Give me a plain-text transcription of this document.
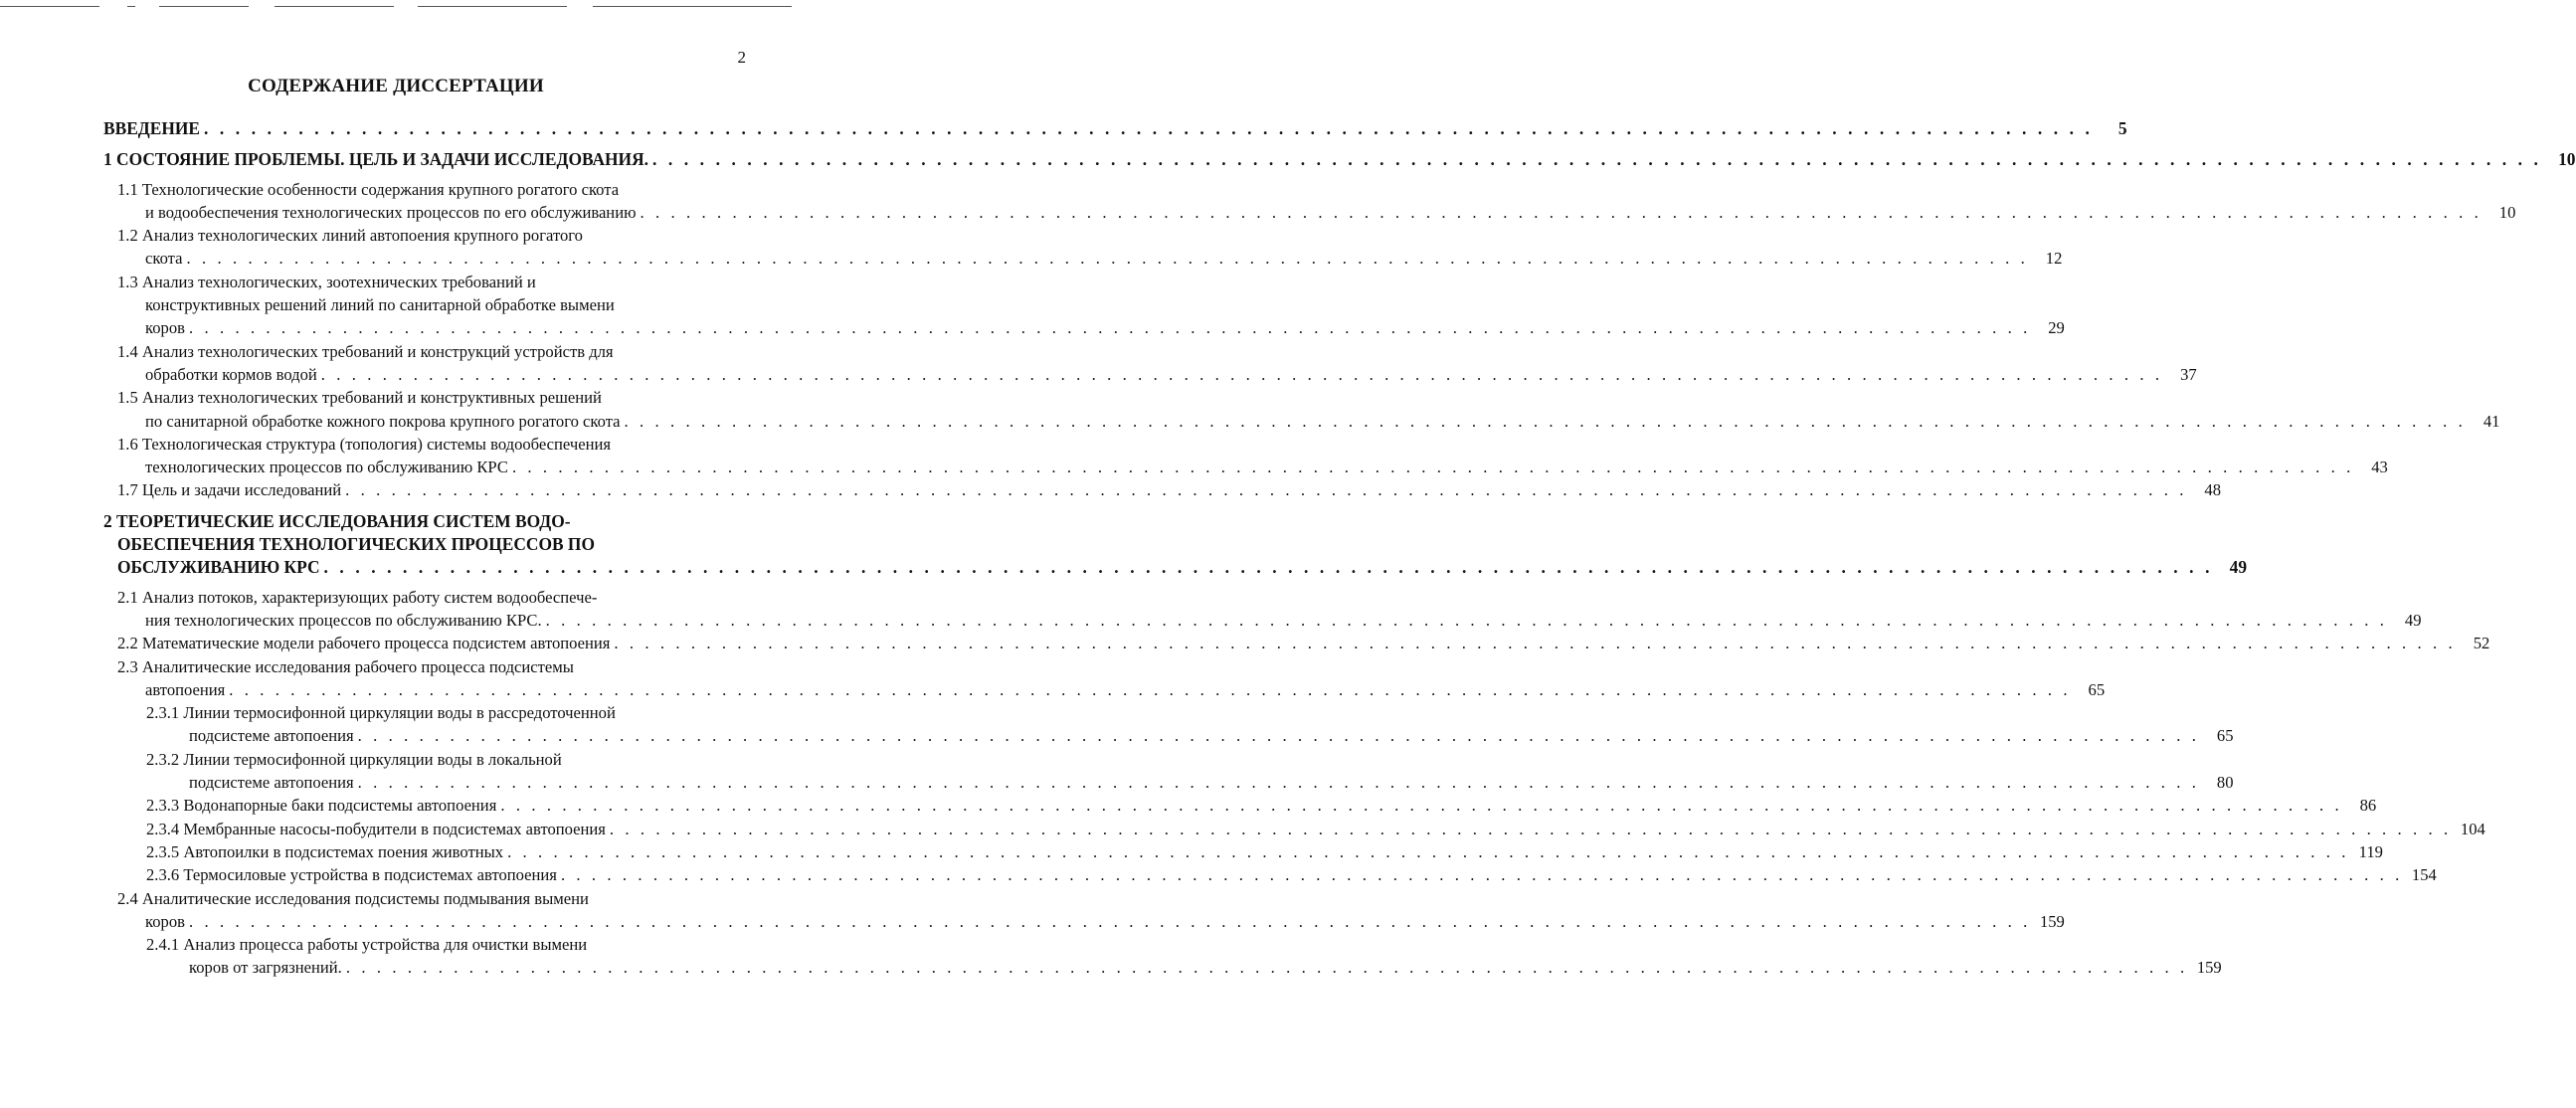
2
СОДЕРЖАНИЕ ДИССЕРТАЦИИ
ВВЕДЕНИЕ . . . . . . . . . . . . . . . . . . . . . . . . . . . . . . . . . . . . . . . . . . . . . . . . . . . . . . . . . . . . . . . . . . . . . . . . . . . . . . . . . . . . . . . . . . . . . . . . . . . . . . . . . . . . . . . . . . . . . . . .	5
1 СОСТОЯНИЕ ПРОБЛЕМЫ. ЦЕЛЬ И ЗАДАЧИ ИССЛЕДОВАНИЯ. . . . . . . . . . . . . . . . . . . . . . . . . . . . . . . . . . . . . . . . . . . . . . . . . . . . . . . . . . . . . . . . . . . . . . . . . . . . . . . . . . . . . . . . . . . . . . . . . . . . . . . . . . . . . . . . . . . . . . . . . 10
1.1 Технологические особенности содержания крупного рогатого скота
и водообеспечения технологических процессов по его обслуживанию . . . . . . . . . . . . . . . . . . . . . . . . . . . . . . . . . . . . . . . . . . . . . . . . . . . . . . . . . . . . . . . . . . . . . . . . . . . . . . . . . . . . . . . . . . . . . . . . . . . . . . . . . . . . . . . . . . . . . . . .	10
1.2 Анализ технологических линий автопоения крупного рогатого
скота . . . . . . . . . . . . . . . . . . . . . . . . . . . . . . . . . . . . . . . . . . . . . . . . . . . . . . . . . . . . . . . . . . . . . . . . . . . . . . . . . . . . . . . . . . . . . . . . . . . . . . . . . . . . . . . . . . . . . . . .	12
1.3 Анализ технологических, зоотехнических требований и
конструктивных решений линий по санитарной обработке вымени
коров . . . . . . . . . . . . . . . . . . . . . . . . . . . . . . . . . . . . . . . . . . . . . . . . . . . . . . . . . . . . . . . . . . . . . . . . . . . . . . . . . . . . . . . . . . . . . . . . . . . . . . . . . . . . . . . . . . . . . . . .	29
1.4 Анализ технологических требований и конструкций устройств для
обработки кормов водой . . . . . . . . . . . . . . . . . . . . . . . . . . . . . . . . . . . . . . . . . . . . . . . . . . . . . . . . . . . . . . . . . . . . . . . . . . . . . . . . . . . . . . . . . . . . . . . . . . . . . . . . . . . . . . . . . . . . . . . .	37
1.5 Анализ технологических требований и конструктивных решений
по санитарной обработке кожного покрова крупного рогатого скота . . . . . . . . . . . . . . . . . . . . . . . . . . . . . . . . . . . . . . . . . . . . . . . . . . . . . . . . . . . . . . . . . . . . . . . . . . . . . . . . . . . . . . . . . . . . . . . . . . . . . . . . . . . . . . . . . . . . . . . .	41
1.6 Технологическая структура (топология) системы водообеспечения
технологических процессов по обслуживанию КРС . . . . . . . . . . . . . . . . . . . . . . . . . . . . . . . . . . . . . . . . . . . . . . . . . . . . . . . . . . . . . . . . . . . . . . . . . . . . . . . . . . . . . . . . . . . . . . . . . . . . . . . . . . . . . . . . . . . . . . . .	43
1.7 Цель и задачи исследований . . . . . . . . . . . . . . . . . . . . . . . . . . . . . . . . . . . . . . . . . . . . . . . . . . . . . . . . . . . . . . . . . . . . . . . . . . . . . . . . . . . . . . . . . . . . . . . . . . . . . . . . . . . . . . . . . . . . . . . .	48
2 ТЕОРЕТИЧЕСКИЕ ИССЛЕДОВАНИЯ СИСТЕМ ВОДО-
ОБЕСПЕЧЕНИЯ ТЕХНОЛОГИЧЕСКИХ ПРОЦЕССОВ ПО
ОБСЛУЖИВАНИЮ КРС . . . . . . . . . . . . . . . . . . . . . . . . . . . . . . . . . . . . . . . . . . . . . . . . . . . . . . . . . . . . . . . . . . . . . . . . . . . . . . . . . . . . . . . . . . . . . . . . . . . . . . . . . . . . . . . . . . . . . . . . 49
2.1 Анализ потоков, характеризующих работу систем водообеспече-
ния технологических процессов по обслуживанию КРС. . . . . . . . . . . . . . . . . . . . . . . . . . . . . . . . . . . . . . . . . . . . . . . . . . . . . . . . . . . . . . . . . . . . . . . . . . . . . . . . . . . . . . . . . . . . . . . . . . . . . . . . . . . . . . . . . . . . . . . . .	49
2.2 Математические модели рабочего процесса подсистем автопоения . . . . . . . . . . . . . . . . . . . . . . . . . . . . . . . . . . . . . . . . . . . . . . . . . . . . . . . . . . . . . . . . . . . . . . . . . . . . . . . . . . . . . . . . . . . . . . . . . . . . . . . . . . . . . . . . . . . . . . . .	52
2.3 Аналитические исследования рабочего процесса подсистемы
автопоения . . . . . . . . . . . . . . . . . . . . . . . . . . . . . . . . . . . . . . . . . . . . . . . . . . . . . . . . . . . . . . . . . . . . . . . . . . . . . . . . . . . . . . . . . . . . . . . . . . . . . . . . . . . . . . . . . . . . . . . .	65
2.3.1 Линии термосифонной циркуляции воды в рассредоточенной
подсистеме автопоения . . . . . . . . . . . . . . . . . . . . . . . . . . . . . . . . . . . . . . . . . . . . . . . . . . . . . . . . . . . . . . . . . . . . . . . . . . . . . . . . . . . . . . . . . . . . . . . . . . . . . . . . . . . . . . . . . . . . . . . .	65
2.3.2 Линии термосифонной циркуляции воды в локальной
подсистеме автопоения . . . . . . . . . . . . . . . . . . . . . . . . . . . . . . . . . . . . . . . . . . . . . . . . . . . . . . . . . . . . . . . . . . . . . . . . . . . . . . . . . . . . . . . . . . . . . . . . . . . . . . . . . . . . . . . . . . . . . . . .	80
2.3.3 Водонапорные баки подсистемы автопоения . . . . . . . . . . . . . . . . . . . . . . . . . . . . . . . . . . . . . . . . . . . . . . . . . . . . . . . . . . . . . . . . . . . . . . . . . . . . . . . . . . . . . . . . . . . . . . . . . . . . . . . . . . . . . . . . . . . . . . . .	86
2.3.4 Мембранные насосы-побудители в подсистемах автопоения . . . . . . . . . . . . . . . . . . . . . . . . . . . . . . . . . . . . . . . . . . . . . . . . . . . . . . . . . . . . . . . . . . . . . . . . . . . . . . . . . . . . . . . . . . . . . . . . . . . . . . . . . . . . . . . . . . . . . . . . 104
2.3.5 Автопоилки в подсистемах поения животных . . . . . . . . . . . . . . . . . . . . . . . . . . . . . . . . . . . . . . . . . . . . . . . . . . . . . . . . . . . . . . . . . . . . . . . . . . . . . . . . . . . . . . . . . . . . . . . . . . . . . . . . . . . . . . . . . . . . . . . . 119
2.3.6 Термосиловые устройства в подсистемах автопоения . . . . . . . . . . . . . . . . . . . . . . . . . . . . . . . . . . . . . . . . . . . . . . . . . . . . . . . . . . . . . . . . . . . . . . . . . . . . . . . . . . . . . . . . . . . . . . . . . . . . . . . . . . . . . . . . . . . . . . . . 154
2.4 Аналитические исследования подсистемы подмывания вымени
коров . . . . . . . . . . . . . . . . . . . . . . . . . . . . . . . . . . . . . . . . . . . . . . . . . . . . . . . . . . . . . . . . . . . . . . . . . . . . . . . . . . . . . . . . . . . . . . . . . . . . . . . . . . . . . . . . . . . . . . . . 159
2.4.1 Анализ процесса работы устройства для очистки вымени
коров от загрязнений. . . . . . . . . . . . . . . . . . . . . . . . . . . . . . . . . . . . . . . . . . . . . . . . . . . . . . . . . . . . . . . . . . . . . . . . . . . . . . . . . . . . . . . . . . . . . . . . . . . . . . . . . . . . . . . . . . . . . . . . . 159
